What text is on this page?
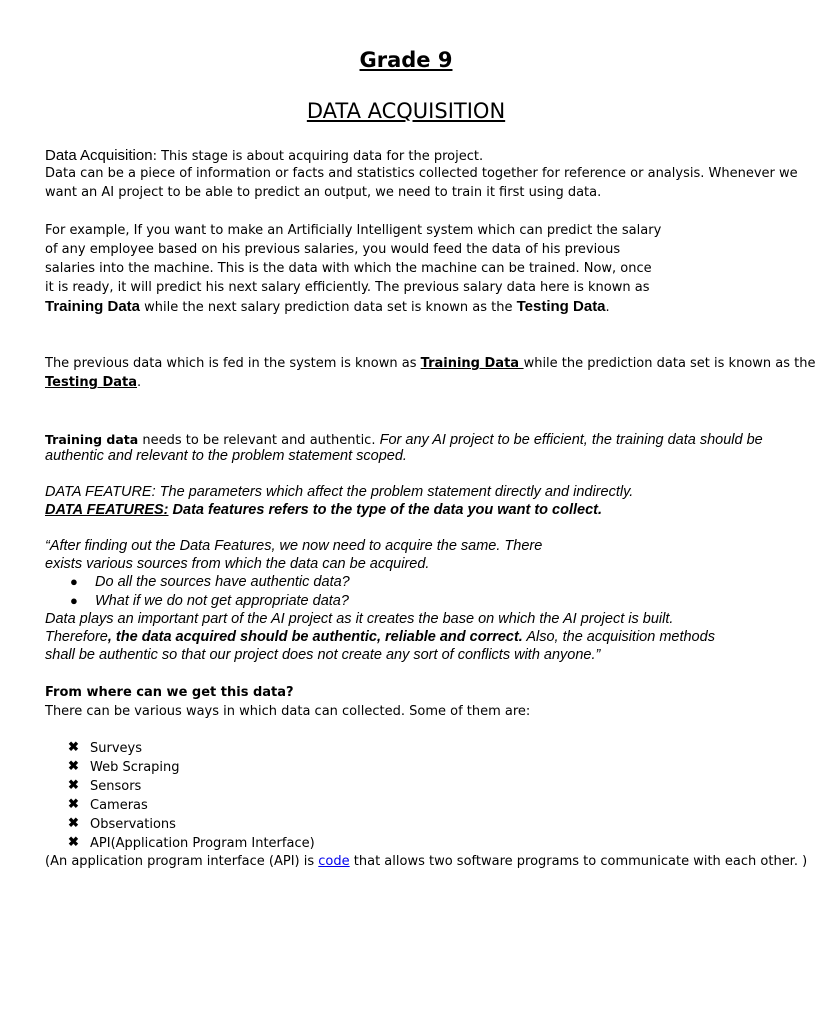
Grade 9
DATA ACQUISITION
Data Acquisition: This stage is about acquiring data for the project.
Data can be a piece of information or facts and statistics collected together for reference or analysis. Whenever we
want an AI project to be able to predict an output, we need to train it first using data.
For example, If you want to make an Artificially Intelligent system which can predict the salary
of any employee based on his previous salaries, you would feed the data of his previous
salaries into the machine. This is the data with which the machine can be trained. Now, once
it is ready, it will predict his next salary efficiently. The previous salary data here is known as
Training Data while the next salary prediction data set is known as the Testing Data.
The previous data which is fed in the system is known as Training Data while the prediction data set is known as the
Testing Data.
Training data needs to be relevant and authentic. For any AI project to be efficient, the training data should be
authentic and relevant to the problem statement scoped.
DATA FEATURE: The parameters which affect the problem statement directly and indirectly.
DATA FEATURES: Data features refers to the type of the data you want to collect.
“After finding out the Data Features, we now need to acquire the same. There
exists various sources from which the data can be acquired.
● Do all the sources have authentic data?
● What if we do not get appropriate data?
Data plays an important part of the AI project as it creates the base on which the AI project is built.
Therefore, the data acquired should be authentic, reliable and correct. Also, the acquisition methods
shall be authentic so that our project does not create any sort of conflicts with anyone.”
From where can we get this data?
There can be various ways in which data can collected. Some of them are:
✖ Surveys
✖ Web Scraping
✖ Sensors
✖ Cameras
✖ Observations
✖ API(Application Program Interface)
(An application program interface (API) is code that allows two software programs to communicate with each other. )
